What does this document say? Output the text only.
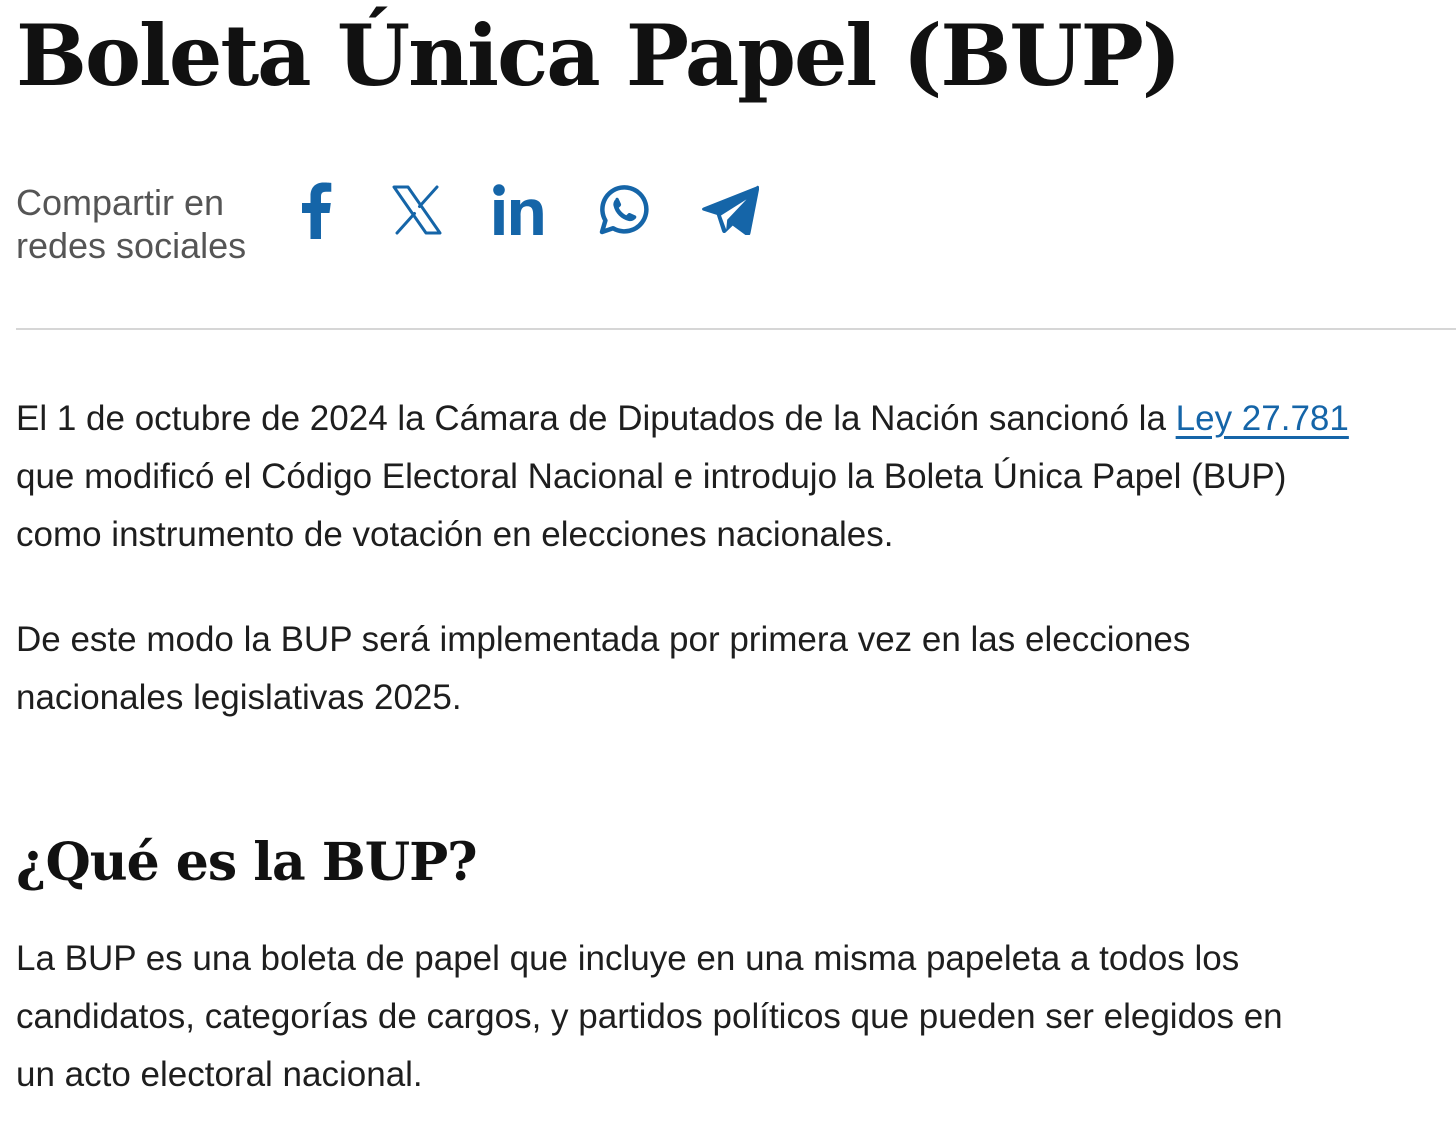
Boleta Única Papel (BUP)
Compartir en
redes sociales

El 1 de octubre de 2024 la Cámara de Diputados de la Nación sancionó la Ley 27.781
que modificó el Código Electoral Nacional e introdujo la Boleta Única Papel (BUP)
como instrumento de votación en elecciones nacionales.

De este modo la BUP será implementada por primera vez en las elecciones
nacionales legislativas 2025.

¿Qué es la BUP?

La BUP es una boleta de papel que incluye en una misma papeleta a todos los
candidatos, categorías de cargos, y partidos políticos que pueden ser elegidos en
un acto electoral nacional.
